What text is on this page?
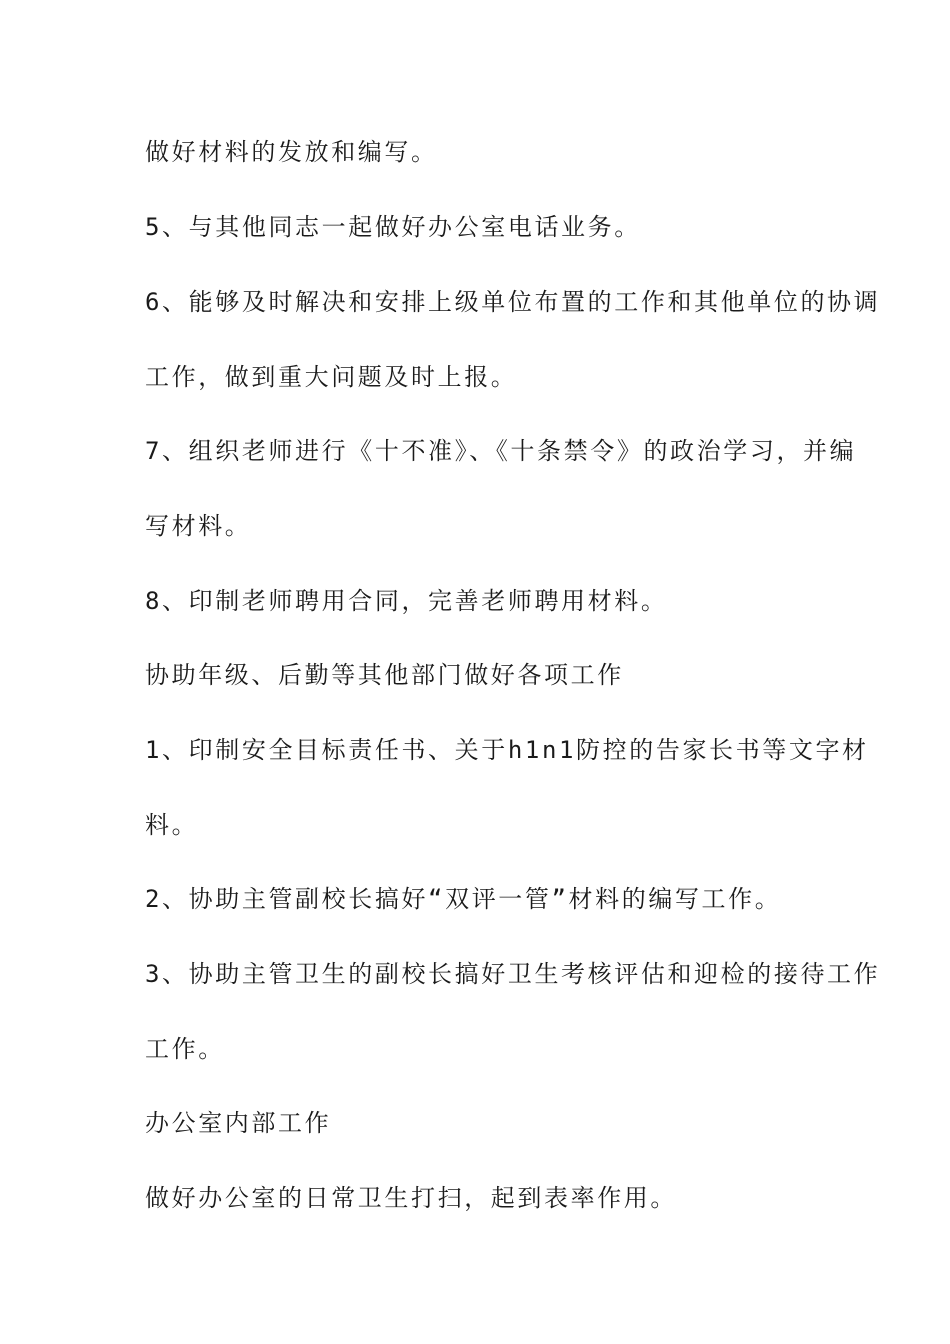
做好材料的发放和编写。
5、与其他同志一起做好办公室电话业务。
6、能够及时解决和安排上级单位布置的工作和其他单位的协调
工作，做到重大问题及时上报。
7、组织老师进行《十不准》、《十条禁令》的政治学习，并编
写材料。
8、印制老师聘用合同，完善老师聘用材料。
协助年级、后勤等其他部门做好各项工作
1、印制安全目标责任书、关于h1n1防控的告家长书等文字材
料。
2、协助主管副校长搞好“双评一管”材料的编写工作。
3、协助主管卫生的副校长搞好卫生考核评估和迎检的接待工作
工作。
办公室内部工作
做好办公室的日常卫生打扫，起到表率作用。
